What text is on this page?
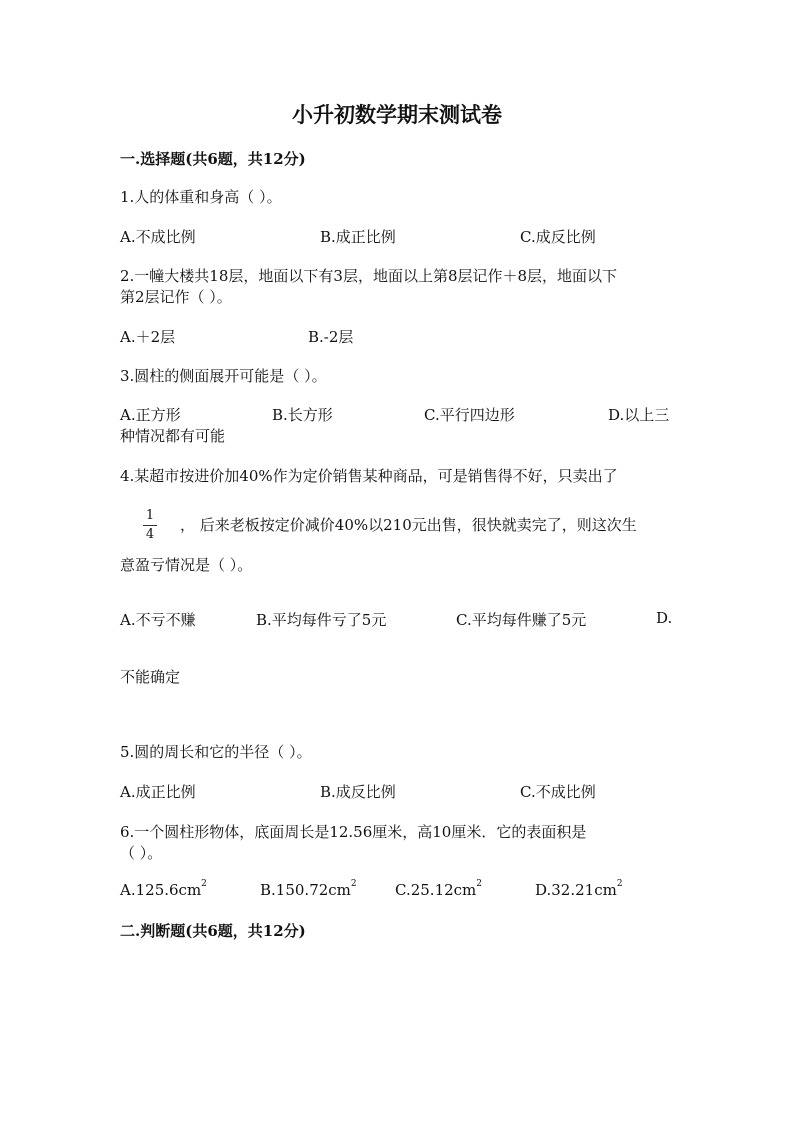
小升初数学期末测试卷
一.选择题(共6题，共12分)
1.人的体重和身高（ ）。
A.不成比例	B.成正比例	C.成反比例
2.一幢大楼共18层，地面以下有3层，地面以上第8层记作＋8层，地面以下
第2层记作（ ）。
A.＋2层	B.-2层
3.圆柱的侧面展开可能是（ ）。
A.正方形	B.长方形	C.平行四边形	D.以上三
种情况都有可能
4.某超市按进价加40%作为定价销售某种商品，可是销售得不好，只卖出了
1
4
， 后来老板按定价减价40%以210元出售，很快就卖完了，则这次生
意盈亏情况是（ ）。
A.不亏不赚	B.平均每件亏了5元	C.平均每件赚了5元	D.
不能确定
5.圆的周长和它的半径（ ）。
A.成正比例	B.成反比例	C.不成比例
6.一个圆柱形物体，底面周长是12.56厘米，高10厘米．它的表面积是
（ ）。
$A.125.6cm^2$	$B.150.72cm^2$	$C.25.12cm^2$	$D.32.21cm^2$
二.判断题(共6题，共12分)
